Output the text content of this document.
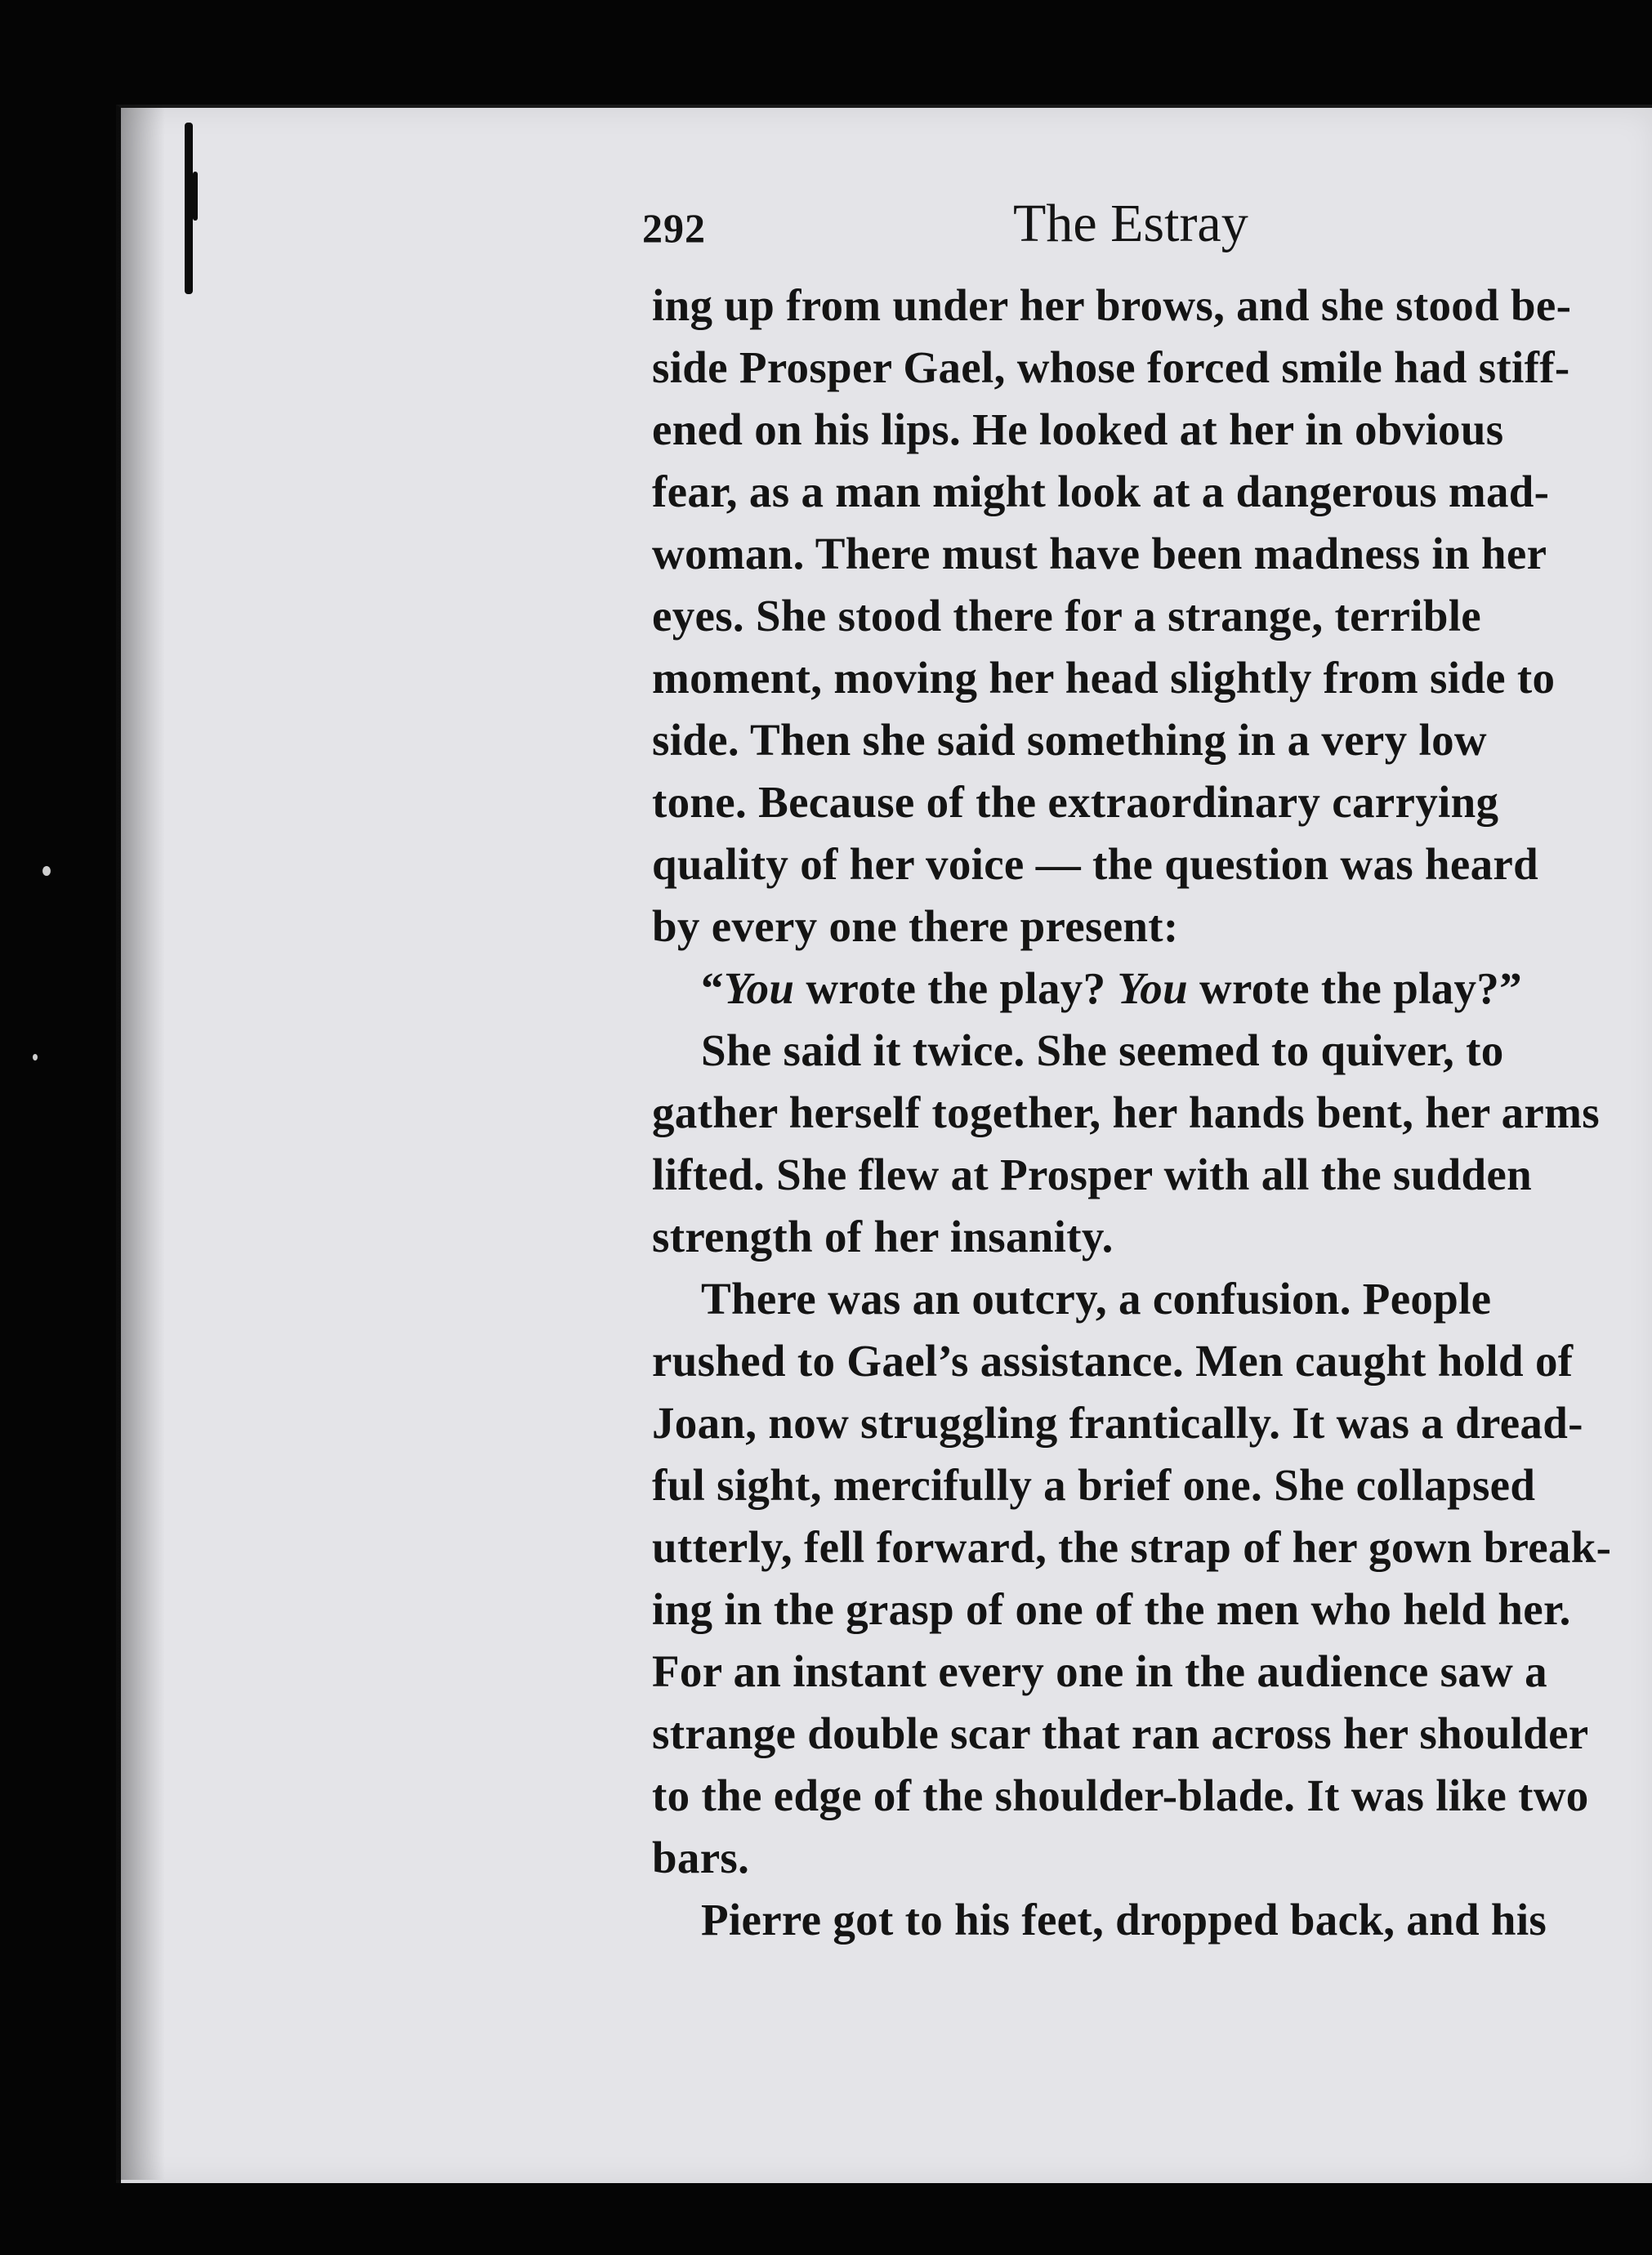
292	The Estray
ing up from under her brows, and she stood be-
side Prosper Gael, whose forced smile had stiff-
ened on his lips. He looked at her in obvious
fear, as a man might look at a dangerous mad-
woman. There must have been madness in her
eyes. She stood there for a strange, terrible
moment, moving her head slightly from side to
side. Then she said something in a very low
tone. Because of the extraordinary carrying
quality of her voice — the question was heard
by every one there present:
“You wrote the play? You wrote the play?”
She said it twice. She seemed to quiver, to
gather herself together, her hands bent, her arms
lifted. She flew at Prosper with all the sudden
strength of her insanity.
There was an outcry, a confusion. People
rushed to Gael’s assistance. Men caught hold of
Joan, now struggling frantically. It was a dread-
ful sight, mercifully a brief one. She collapsed
utterly, fell forward, the strap of her gown break-
ing in the grasp of one of the men who held her.
For an instant every one in the audience saw a
strange double scar that ran across her shoulder
to the edge of the shoulder-blade. It was like two
bars.
Pierre got to his feet, dropped back, and his
